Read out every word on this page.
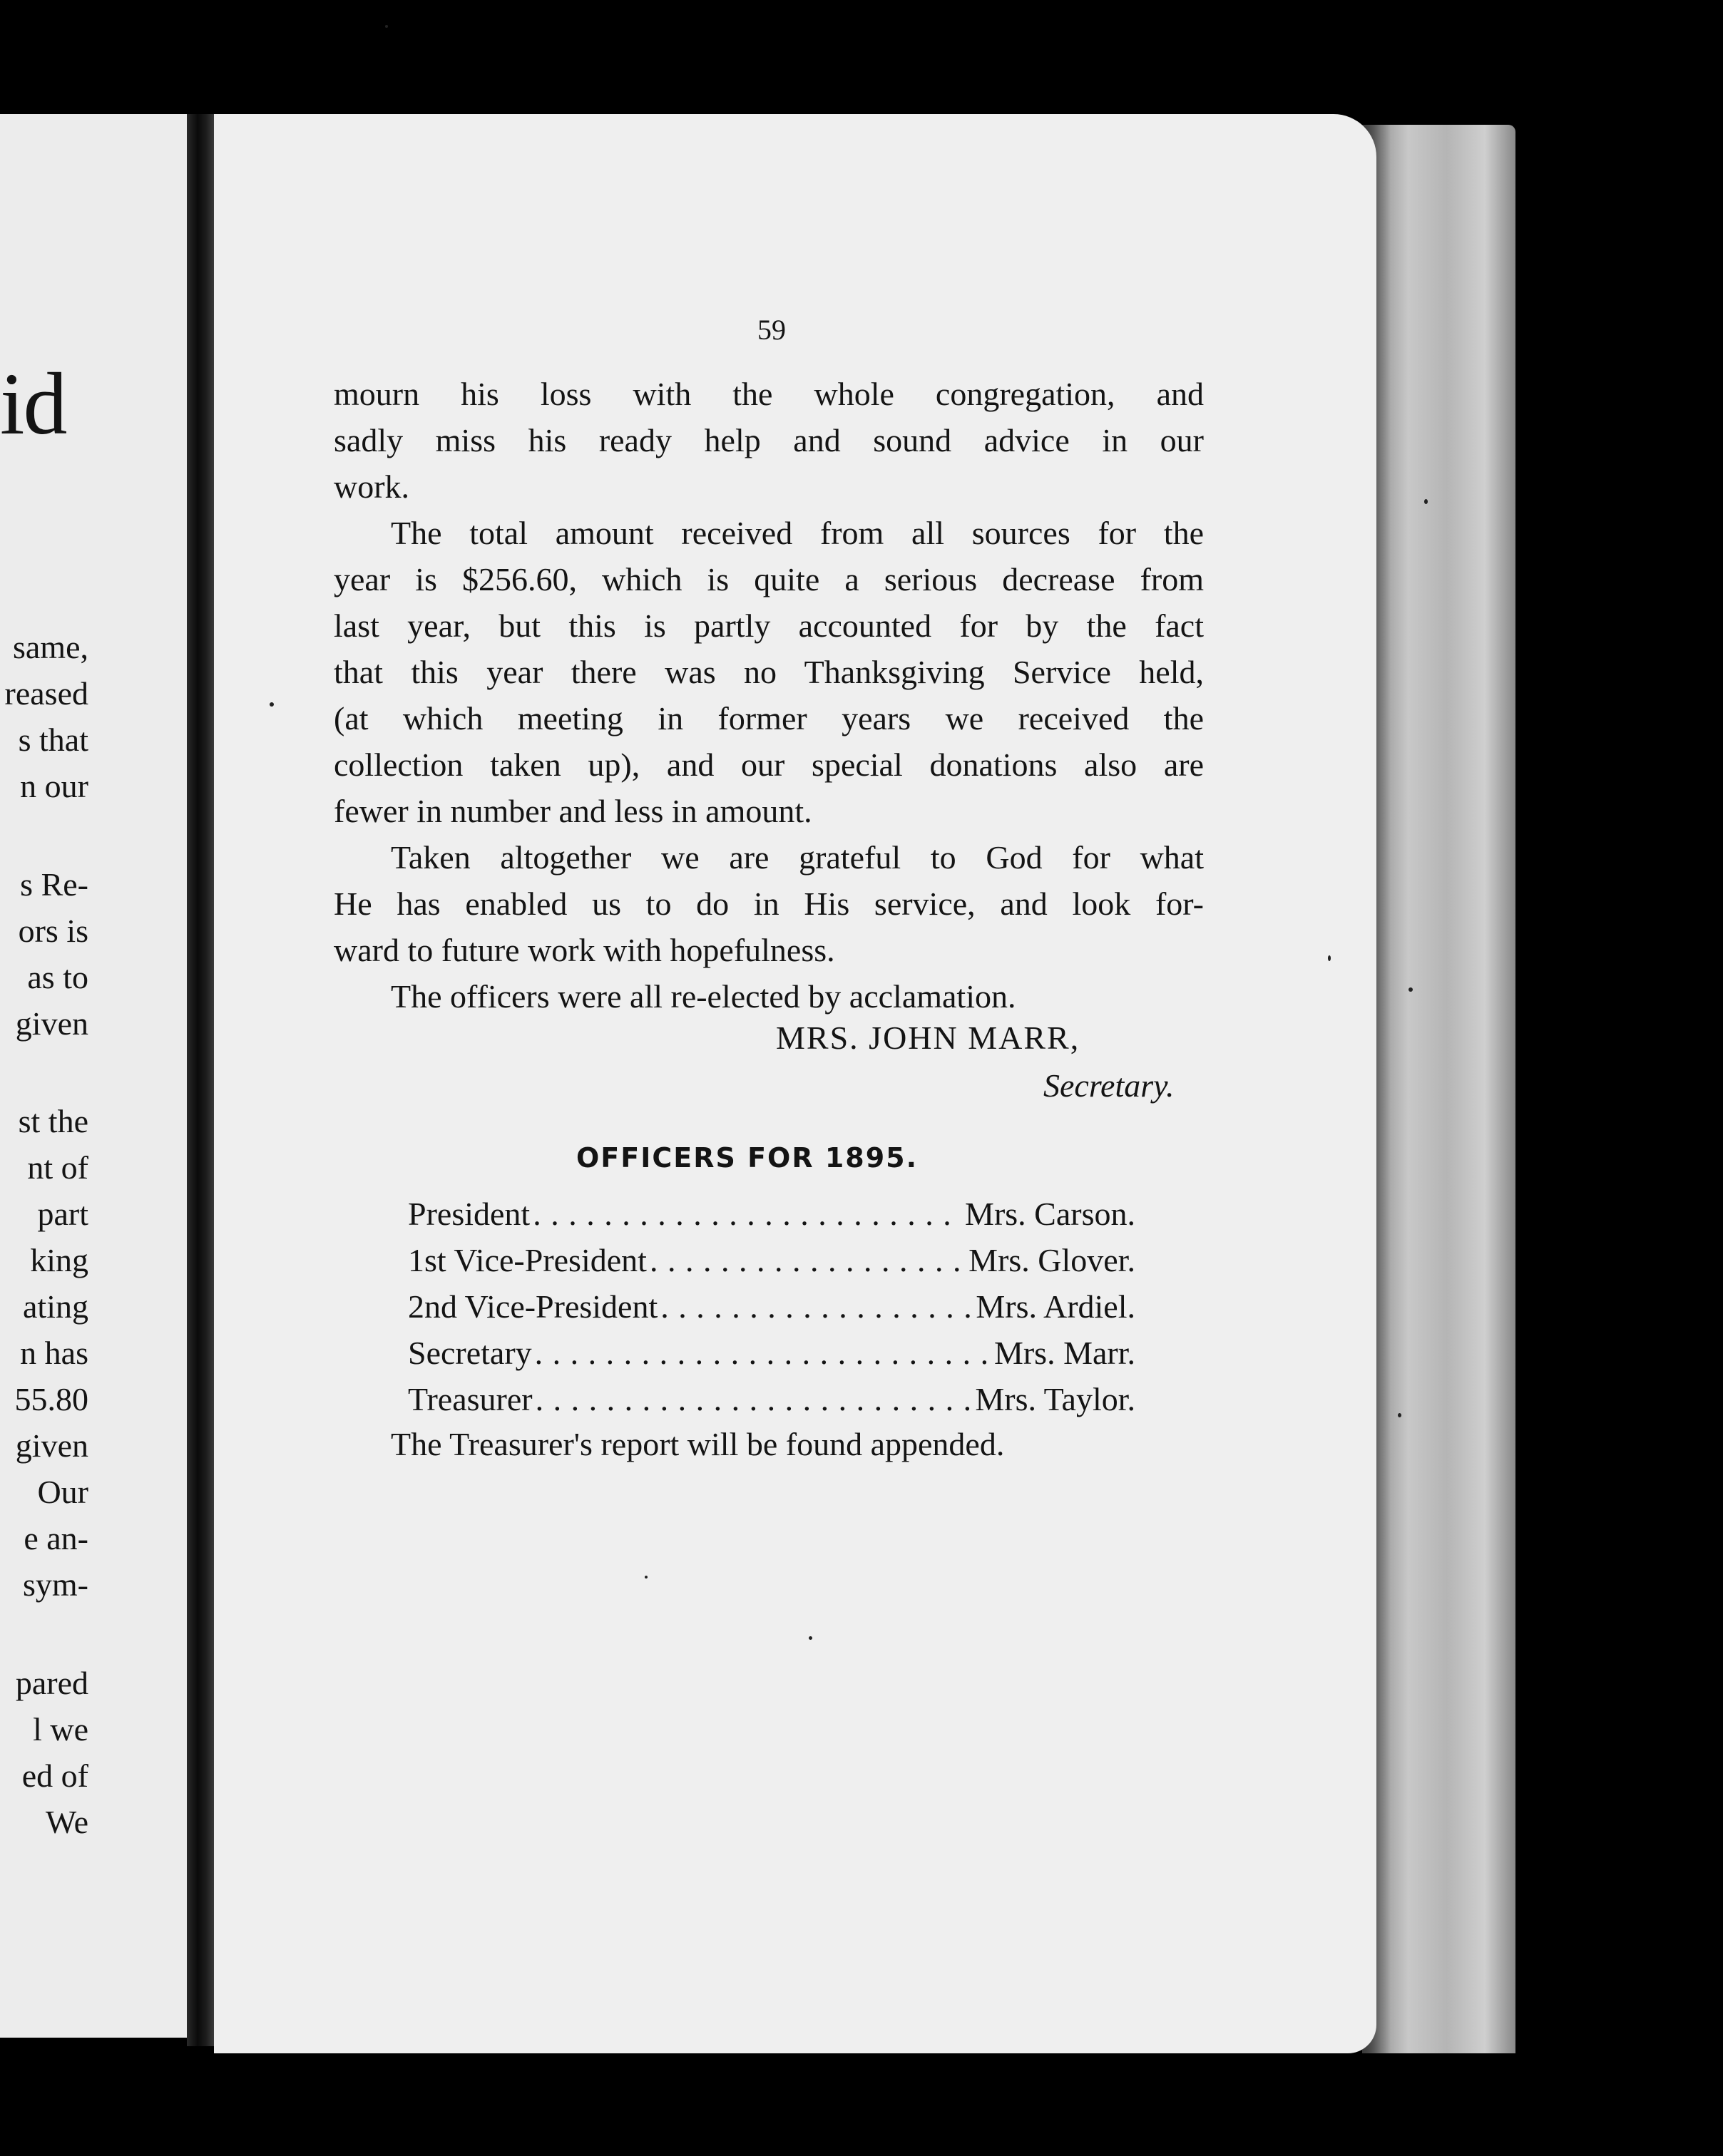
id
same,
reased
s that
n our
s Re-
ors is
as to
given
st the
nt of
part
king
ating
n has
55.80
given
Our
e an-
sym-
pared
l we
ed of
We
59

mourn his loss with the whole congregation, and
sadly miss his ready help and sound advice in our
work.

The total amount received from all sources for the
year is $256.60, which is quite a serious decrease from
last year, but this is partly accounted for by the fact
that this year there was no Thanksgiving Service held,
(at which meeting in former years we received the
collection taken up), and our special donations also are
fewer in number and less in amount.

Taken altogether we are grateful to God for what
He has enabled us to do in His service, and look for-
ward to future work with hopefulness.

The officers were all re-elected by acclamation.

MRS. JOHN MARR,
Secretary.
OFFICERS FOR 1895.
President . . .	Mrs. Carson.
1st Vice-President . . .	Mrs. Glover.
2nd Vice-President . . .	Mrs. Ardiel.
Secretary . . .	Mrs. Marr.
Treasurer . . .	Mrs. Taylor.
The Treasurer's report will be found appended.
